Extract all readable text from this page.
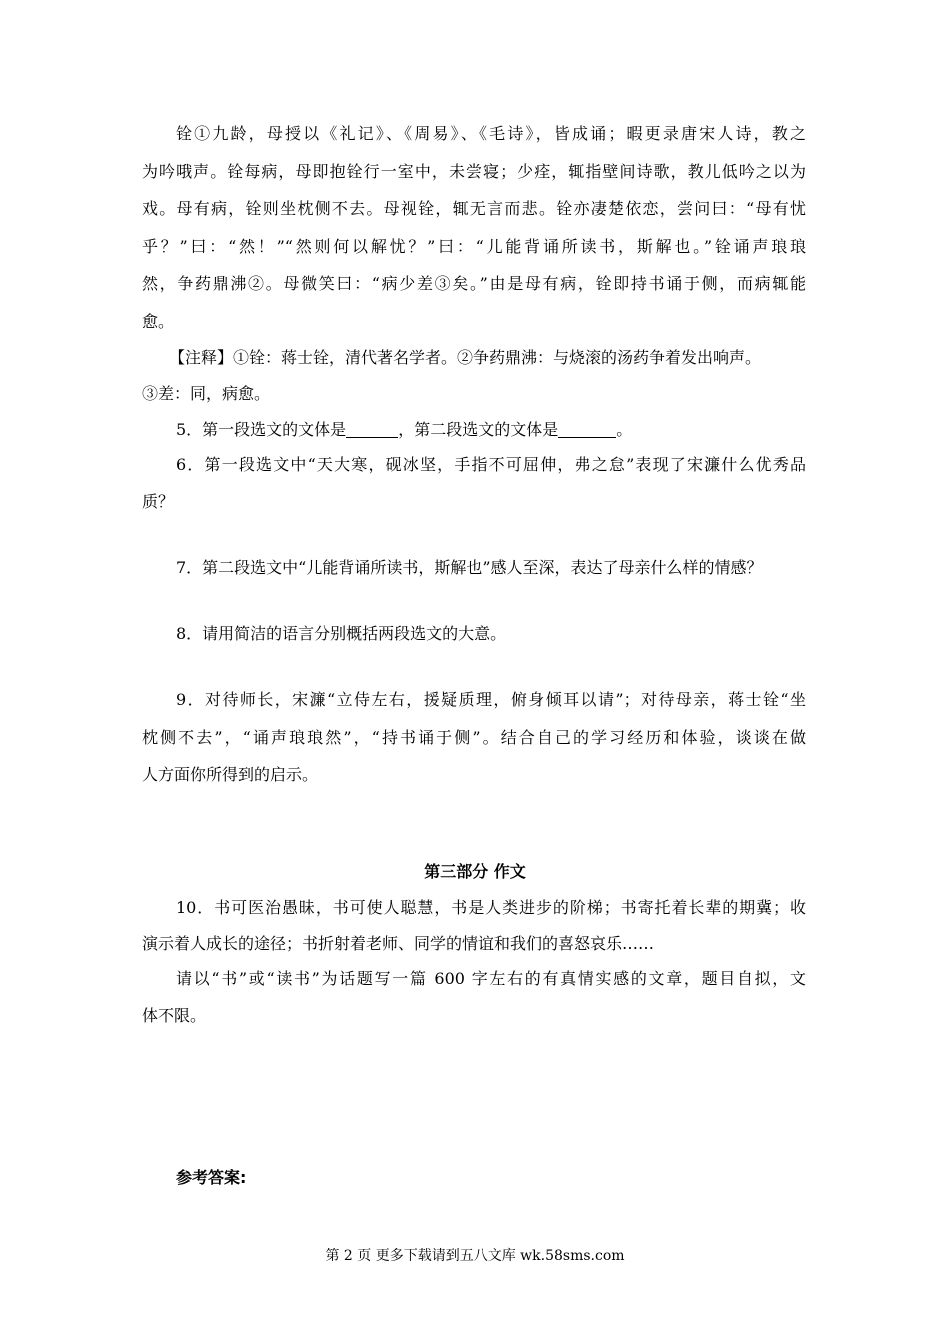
铨①九龄，母授以《礼记》、《周易》、《毛诗》，皆成诵；暇更录唐宋人诗，教之
为吟哦声。铨每病，母即抱铨行一室中，未尝寝；少痊，辄指壁间诗歌，教儿低吟之以为
戏。母有病，铨则坐枕侧不去。母视铨，辄无言而悲。铨亦凄楚依恋，尝问曰：“母有忧
乎？”曰：“然！”“然则何以解忧？”曰：“儿能背诵所读书，斯解也。”铨诵声琅琅
然，争药鼎沸②。母微笑曰：“病少差③矣。”由是母有病，铨即持书诵于侧，而病辄能
愈。
【注释】①铨：蒋士铨，清代著名学者。②争药鼎沸：与烧滚的汤药争着发出响声。
③差：同，病愈。
5．第一段选文的文体是	，第二段选文的文体是	。
6．第一段选文中“天大寒，砚冰坚，手指不可屈伸，弗之怠”表现了宋濂什么优秀品
质？
7．第二段选文中“儿能背诵所读书，斯解也”感人至深，表达了母亲什么样的情感？
8．请用简洁的语言分别概括两段选文的大意。
9．对待师长，宋濂“立侍左右，援疑质理，俯身倾耳以请”；对待母亲，蒋士铨“坐
枕侧不去”，“诵声琅琅然”，“持书诵于侧”。结合自己的学习经历和体验，谈谈在做
人方面你所得到的启示。
第三部分 作文
10．书可医治愚昧，书可使人聪慧，书是人类进步的阶梯；书寄托着长辈的期冀；收
演示着人成长的途径；书折射着老师、同学的情谊和我们的喜怒哀乐……
请以“书”或“读书”为话题写一篇 600 字左右的有真情实感的文章，题目自拟，文
体不限。
参考答案:
第 2 页 更多下载请到五八文库 wk.58sms.com
